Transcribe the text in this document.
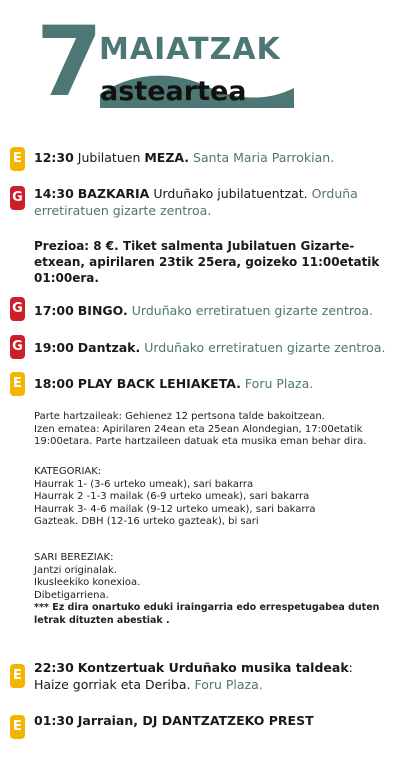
7
MAIATZAK
asteartea
E 12:30 Jubilatuen MEZA. Santa Maria Parrokian.
G 14:30 BAZKARIA Urduñako jubilatuentzat. Orduña erretiratuen gizarte zentroa.
Prezioa: 8 €. Tiket salmenta Jubilatuen Gizarte-etxean, apirilaren 23tik 25era, goizeko 11:00etatik 01:00era.
G 17:00 BINGO. Urduñako erretiratuen gizarte zentroa.
G 19:00 Dantzak. Urduñako erretiratuen gizarte zentroa.
E 18:00 PLAY BACK LEHIAKETA. Foru Plaza.
Parte hartzaileak: Gehienez 12 pertsona talde bakoitzean.
Izen ematea: Apirilaren 24ean eta 25ean Alondegian, 17:00etatik
19:00etara. Parte hartzaileen datuak eta musika eman behar dira.
KATEGORIAK:
Haurrak 1- (3-6 urteko umeak), sari bakarra
Haurrak 2 -1-3 mailak (6-9 urteko umeak), sari bakarra
Haurrak 3- 4-6 mailak (9-12 urteko umeak), sari bakarra
Gazteak. DBH (12-16 urteko gazteak), bi sari
SARI BEREZIAK:
Jantzi originalak.
Ikusleekiko konexioa.
Dibetigarriena.
*** Ez dira onartuko eduki iraingarria edo errespetugabea duten
letrak dituzten abestiak .
E
22:30 Kontzertuak Urduñako musika taldeak:
Haize gorriak eta Deriba. Foru Plaza.
E 01:30 Jarraian, DJ DANTZATZEKO PREST
